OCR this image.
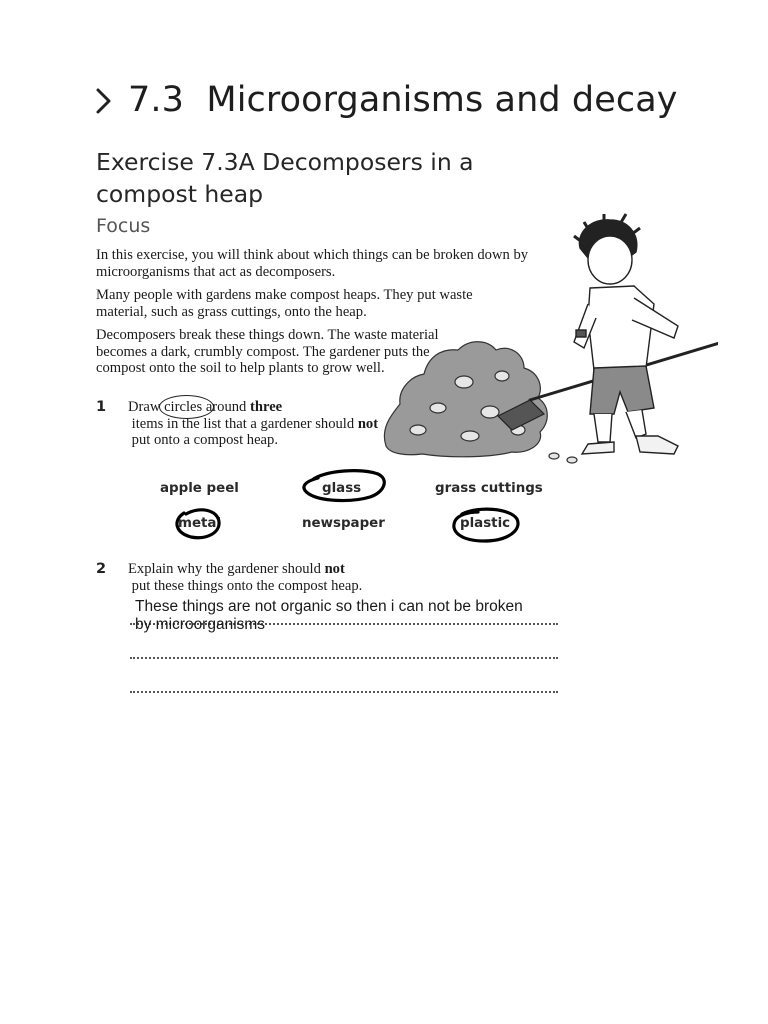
7.3  Microorganisms and decay
Exercise 7.3A Decomposers in a compost heap
Focus
In this exercise, you will think about which things can be broken down by microorganisms that act as decomposers.
Many people with gardens make compost heaps. They put waste material, such as grass cuttings, onto the heap.
Decomposers break these things down. The waste material becomes a dark, crumbly compost. The gardener puts the compost onto the soil to help plants to grow well.
1 Draw
circles around three items in the list that a gardener should not put onto a compost heap.
apple peel	glass	grass cuttings
metal	newspaper	plastic
2 Explain why the gardener should not put these things onto the compost heap.
These things are not organic so then i can not be broken by microorganisms
